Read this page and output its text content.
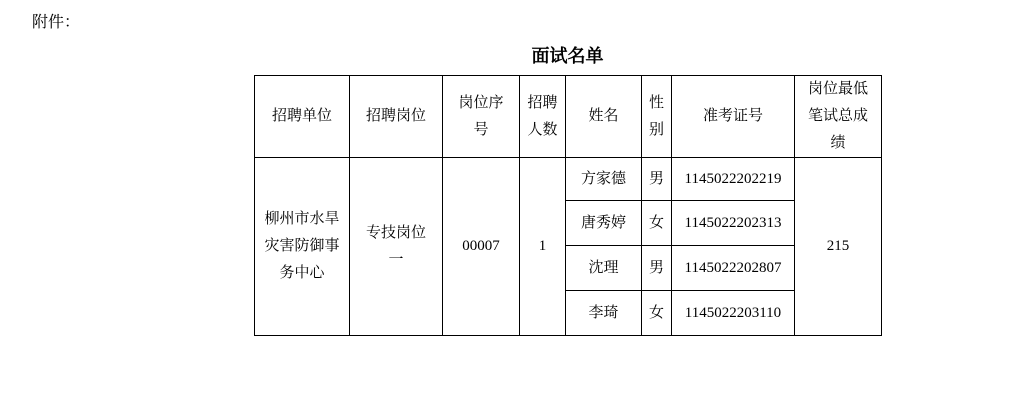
附件：
面试名单
招聘单位	招聘岗位	岗位序号	招聘人数	姓名	性别	准考证号	岗位最低笔试总成绩
柳州市水旱灾害防御事务中心	专技岗位一	00007	1	方家德	男	1145022202219	215
				唐秀婷	女	1145022202313	
				沈理	男	1145022202807	
				李琦	女	1145022203110	
